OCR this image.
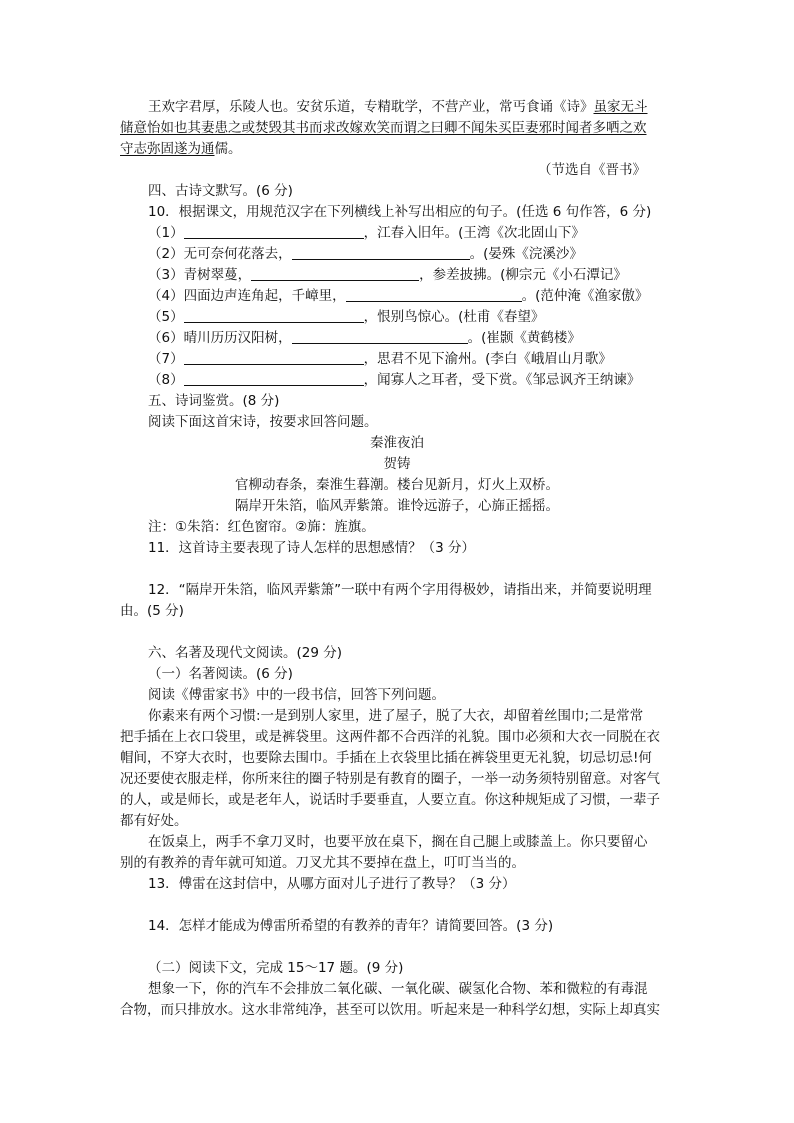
王欢字君厚，乐陵人也。安贫乐道，专精耽学，不营产业，常丐食诵《诗》虽家无斗
储意怡如也其妻患之或焚毁其书而求改嫁欢笑而谓之曰卿不闻朱买臣妻邪时闻者多哂之欢
守志弥固遂为通儒。
（节选自《晋书》
四、古诗文默写。(6 分)
10．根据课文，用规范汉字在下列横线上补写出相应的句子。(任选 6 句作答，6 分)
（1）	，江春入旧年。(王湾《次北固山下》
（2）无可奈何花落去，	。(晏殊《浣溪沙》
（3）青树翠蔓，	，参差披拂。(柳宗元《小石潭记》
（4）四面边声连角起，千嶂里，	。(范仲淹《渔家傲》
（5）	，恨别鸟惊心。(杜甫《春望》
（6）晴川历历汉阳树，	。(崔颢《黄鹤楼》
（7）	，思君不见下渝州。(李白《峨眉山月歌》
（8）	，闻寡人之耳者，受下赏。《邹忌讽齐王纳谏》
五、诗词鉴赏。(8 分)
阅读下面这首宋诗，按要求回答问题。
秦淮夜泊
贺铸
官柳动春条，秦淮生暮潮。楼台见新月，灯火上双桥。
隔岸开朱箔，临风弄紫箫。谁怜远游子，心旆正摇摇。
注：①朱箔：红色窗帘。②旆：旌旗。
11．这首诗主要表现了诗人怎样的思想感情？（3 分）
12．“隔岸开朱箔，临风弄紫箫”一联中有两个字用得极妙，请指出来，并简要说明理
由。(5 分)
六、名著及现代文阅读。(29 分)
（一）名著阅读。(6 分)
阅读《傅雷家书》中的一段书信，回答下列问题。
你素来有两个习惯:一是到别人家里，进了屋子，脱了大衣，却留着丝围巾;二是常常
把手插在上衣口袋里，或是裤袋里。这两件都不合西洋的礼貌。围巾必须和大衣一同脱在衣
帽间，不穿大衣时，也要除去围巾。手插在上衣袋里比插在裤袋里更无礼貌，切忌切忌!何
况还要使衣服走样，你所来往的圈子特别是有教育的圈子，一举一动务须特别留意。对客气
的人，或是师长，或是老年人，说话时手要垂直，人要立直。你这种规矩成了习惯，一辈子
都有好处。
在饭桌上，两手不拿刀叉时，也要平放在桌下，搁在自己腿上或膝盖上。你只要留心
别的有教养的青年就可知道。刀叉尤其不要掉在盘上，叮叮当当的。
13．傅雷在这封信中，从哪方面对儿子进行了教导？（3 分）
14．怎样才能成为傅雷所希望的有教养的青年？请简要回答。(3 分)
（二）阅读下文，完成 15～17 题。(9 分)
想象一下，你的汽车不会排放二氧化碳、一氧化碳、碳氢化合物、苯和微粒的有毒混
合物，而只排放水。这水非常纯净，甚至可以饮用。听起来是一种科学幻想，实际上却真实
